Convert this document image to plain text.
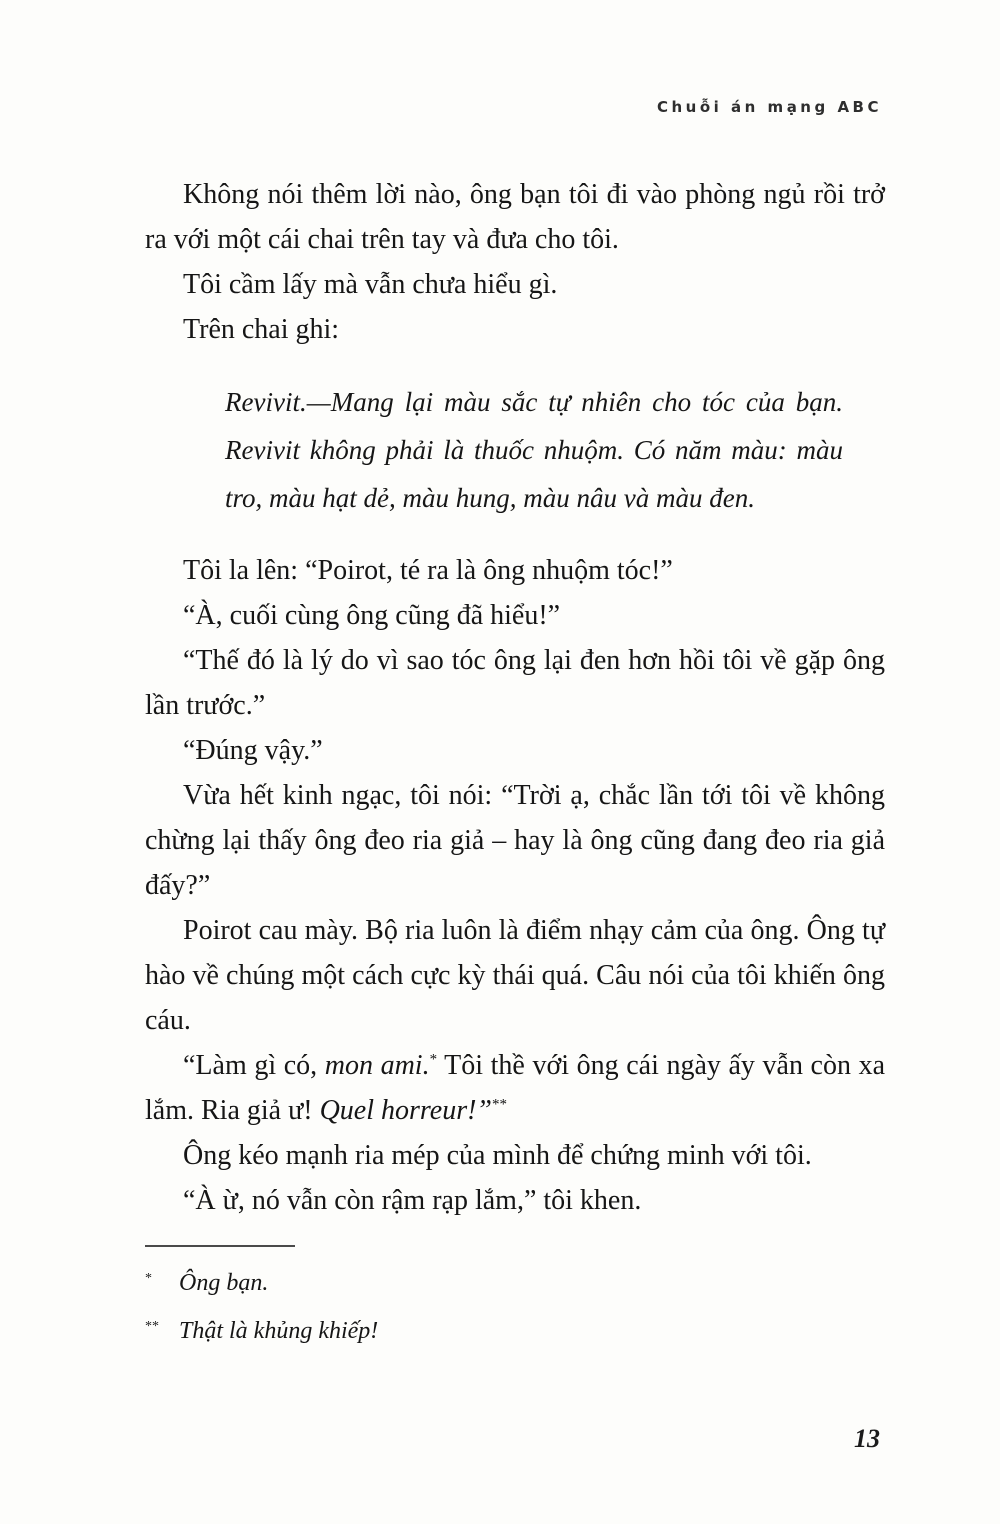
Chuỗi án mạng ABC

Không nói thêm lời nào, ông bạn tôi đi vào phòng ngủ rồi trở ra với một cái chai trên tay và đưa cho tôi.

Tôi cầm lấy mà vẫn chưa hiểu gì.

Trên chai ghi:

Revivit.—Mang lại màu sắc tự nhiên cho tóc của bạn. Revivit không phải là thuốc nhuộm. Có năm màu: màu tro, màu hạt dẻ, màu hung, màu nâu và màu đen.

Tôi la lên: “Poirot, té ra là ông nhuộm tóc!”

“À, cuối cùng ông cũng đã hiểu!”

“Thế đó là lý do vì sao tóc ông lại đen hơn hồi tôi về gặp ông lần trước.”

“Đúng vậy.”

Vừa hết kinh ngạc, tôi nói: “Trời ạ, chắc lần tới tôi về không chừng lại thấy ông đeo ria giả – hay là ông cũng đang đeo ria giả đấy?”

Poirot cau mày. Bộ ria luôn là điểm nhạy cảm của ông. Ông tự hào về chúng một cách cực kỳ thái quá. Câu nói của tôi khiến ông cáu.

“Làm gì có, mon ami.* Tôi thề với ông cái ngày ấy vẫn còn xa lắm. Ria giả ư! Quel horreur!”**

Ông kéo mạnh ria mép của mình để chứng minh với tôi.

“À ừ, nó vẫn còn rậm rạp lắm,” tôi khen.

*	Ông bạn.
** Thật là khủng khiếp!
13
